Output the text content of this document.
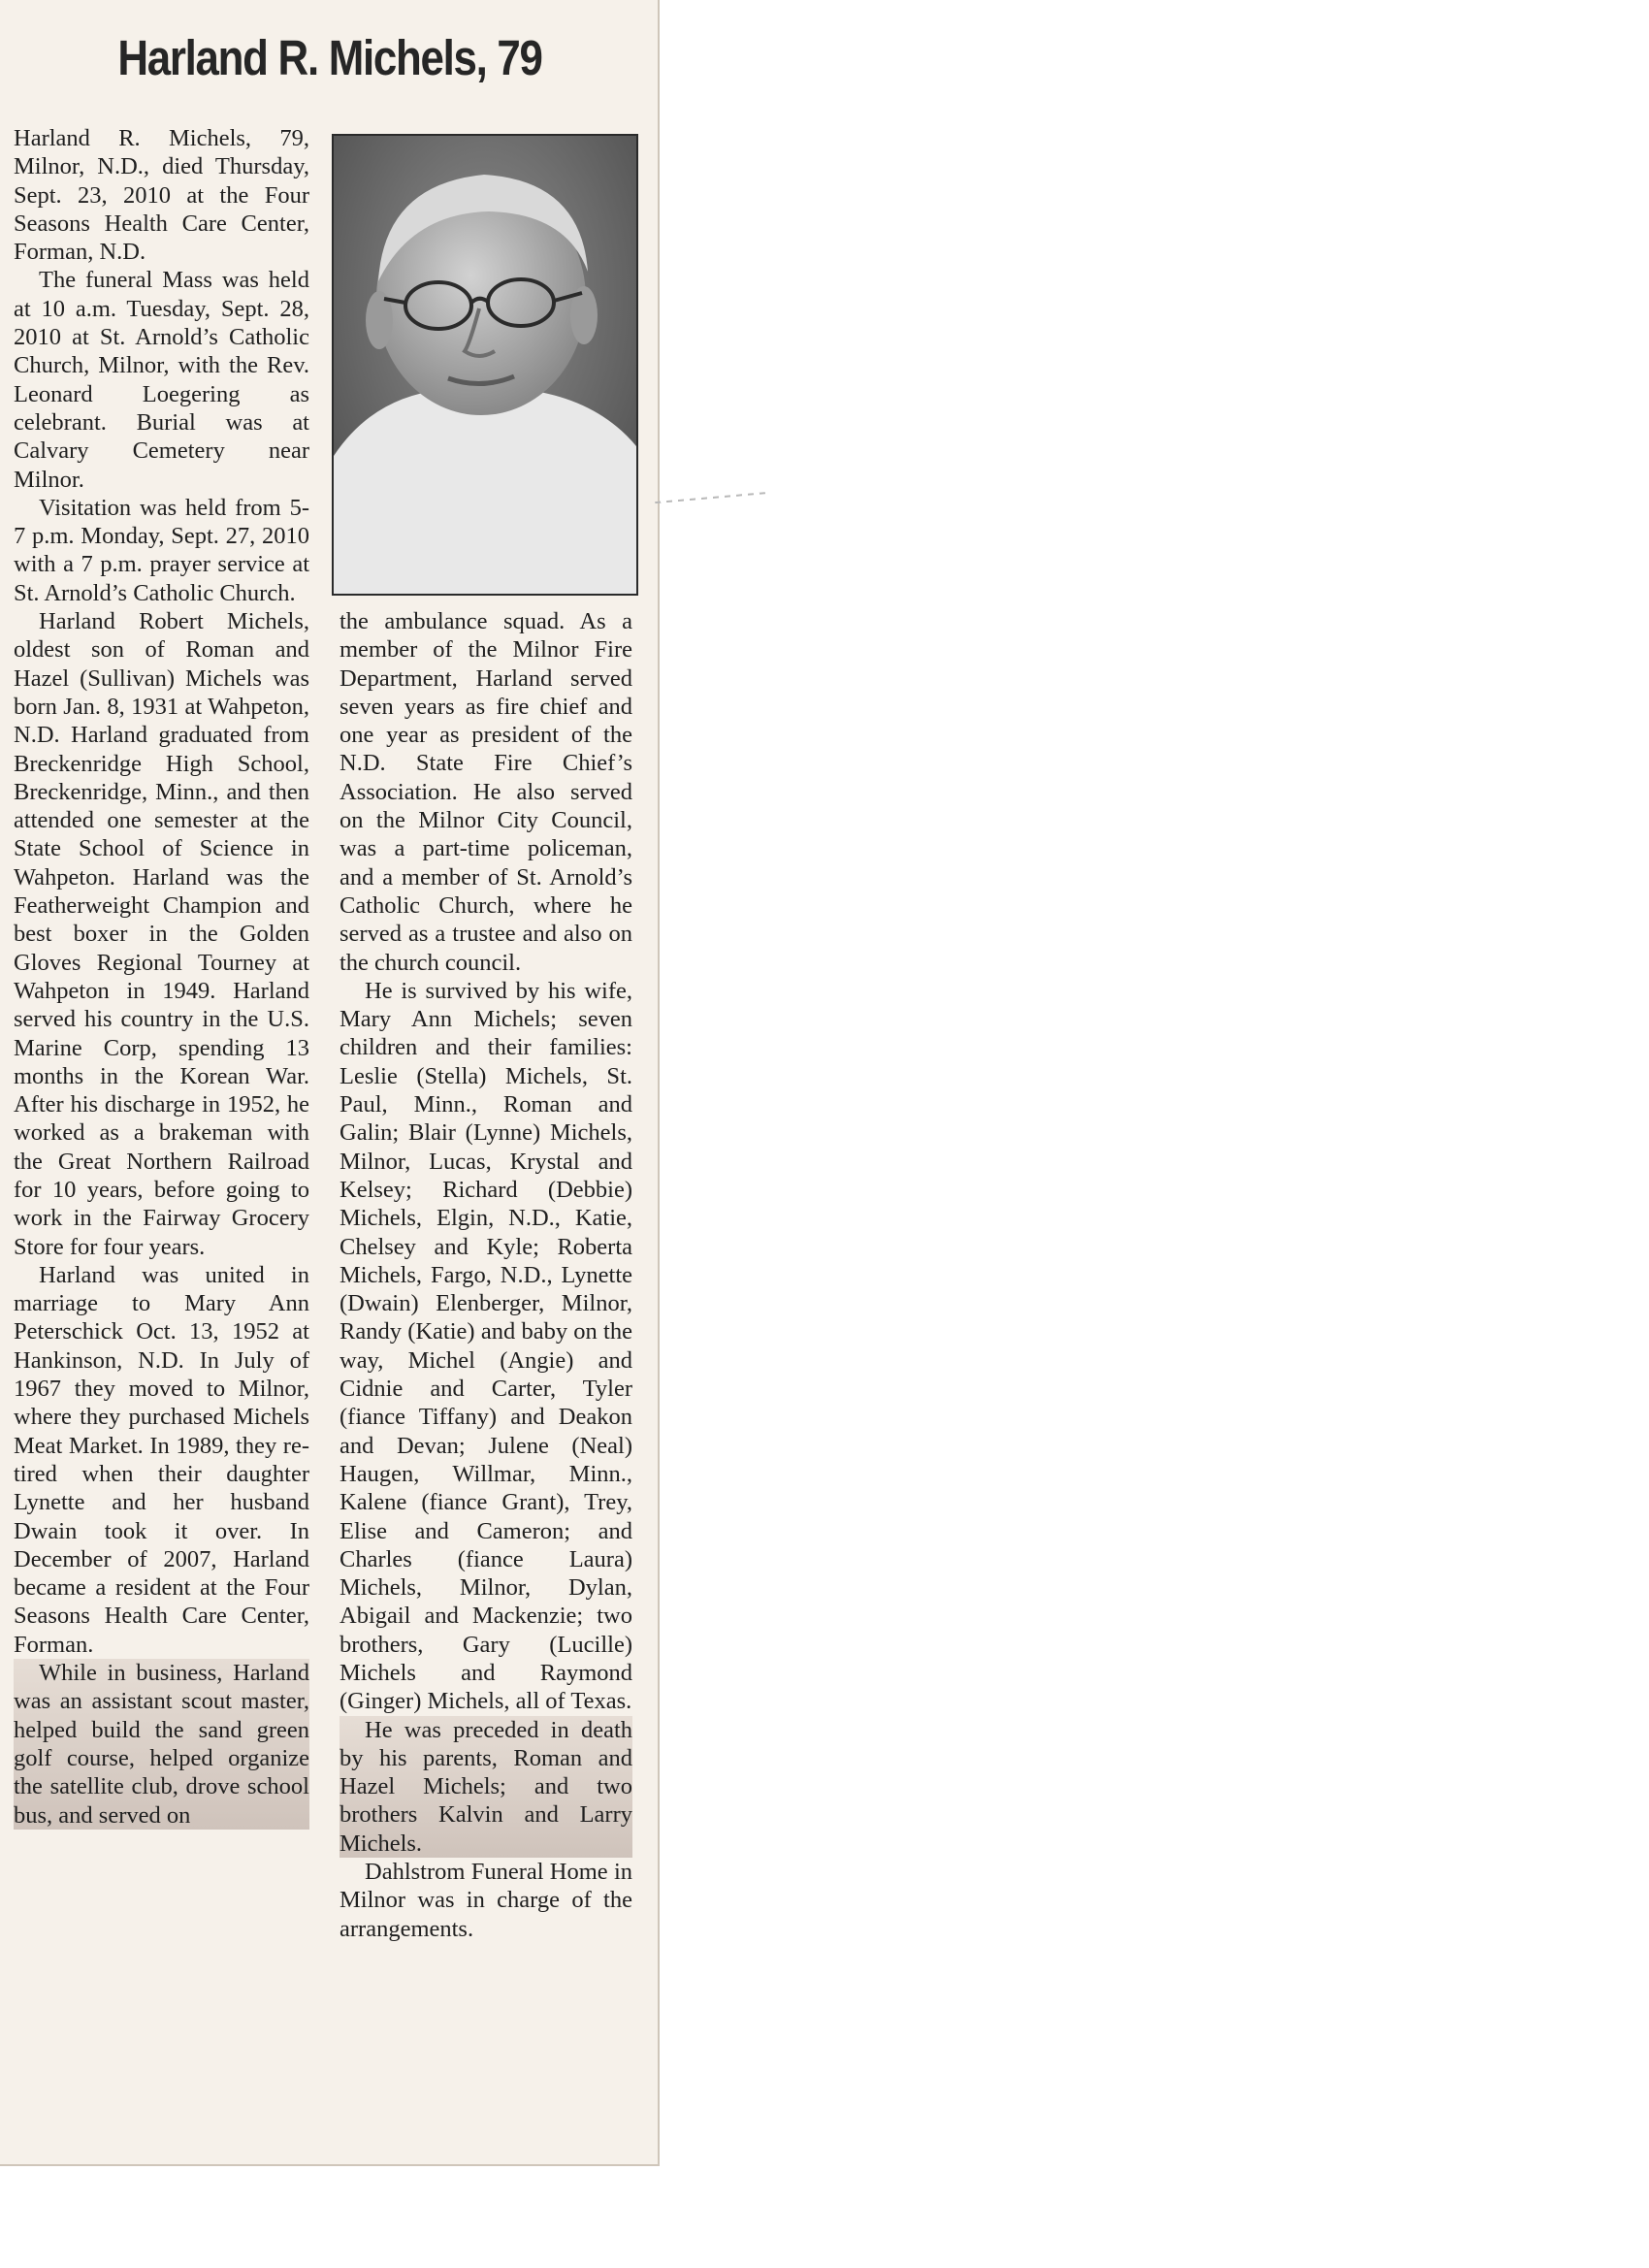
Harland R. Michels, 79

Harland R. Michels, 79, Milnor, N.D., died Thursday, Sept. 23, 2010 at the Four Seasons Health Care Center, Forman, N.D.

The funeral Mass was held at 10 a.m. Tuesday, Sept. 28, 2010 at St. Arnold’s Catholic Church, Milnor, with the Rev. Leonard Loegering as celebrant. Burial was at Calvary Cemetery near Milnor.

Visitation was held from 5-7 p.m. Monday, Sept. 27, 2010 with a 7 p.m. prayer service at St. Arnold’s Catholic Church.

Harland Robert Michels, oldest son of Roman and Hazel (Sullivan) Michels was born Jan. 8, 1931 at Wahpeton, N.D. Harland graduated from Breckenridge High School, Breckenridge, Minn., and then attended one semester at the State School of Science in Wahpeton. Harland was the Featherweight Champion and best boxer in the Golden Gloves Regional Tourney at Wahpeton in 1949. Harland served his country in the U.S. Marine Corp, spending 13 months in the Korean War. After his discharge in 1952, he worked as a brakeman with the Great Northern Railroad for 10 years, before going to work in the Fairway Grocery Store for four years.

Harland was united in marriage to Mary Ann Peterschick Oct. 13, 1952 at Hankinson, N.D. In July of 1967 they moved to Milnor, where they purchased Michels Meat Market. In 1989, they retired when their daughter Lynette and her husband Dwain took it over. In December of 2007, Harland became a resident at the Four Seasons Health Care Center, Forman.

While in business, Harland was an assistant scout master, helped build the sand green golf course, helped organize the satellite club, drove school bus, and served on

the ambulance squad. As a member of the Milnor Fire Department, Harland served seven years as fire chief and one year as president of the N.D. State Fire Chief’s Association. He also served on the Milnor City Council, was a part-time policeman, and a member of St. Arnold’s Catholic Church, where he served as a trustee and also on the church council.

He is survived by his wife, Mary Ann Michels; seven children and their families: Leslie (Stella) Michels, St. Paul, Minn., Roman and Galin; Blair (Lynne) Michels, Milnor, Lucas, Krystal and Kelsey; Richard (Debbie) Michels, Elgin, N.D., Katie, Chelsey and Kyle; Roberta Michels, Fargo, N.D., Lynette (Dwain) Elenberger, Milnor, Randy (Katie) and baby on the way, Michel (Angie) and Cidnie and Carter, Tyler (fiance Tiffany) and Deakon and Devan; Julene (Neal) Haugen, Willmar, Minn., Kalene (fiance Grant), Trey, Elise and Cameron; and Charles (fiance Laura) Michels, Milnor, Dylan, Abigail and Mackenzie; two brothers, Gary (Lucille) Michels and Raymond (Ginger) Michels, all of Texas.

He was preceded in death by his parents, Roman and Hazel Michels; and two brothers Kalvin and Larry Michels.

Dahlstrom Funeral Home in Milnor was in charge of the arrangements.
